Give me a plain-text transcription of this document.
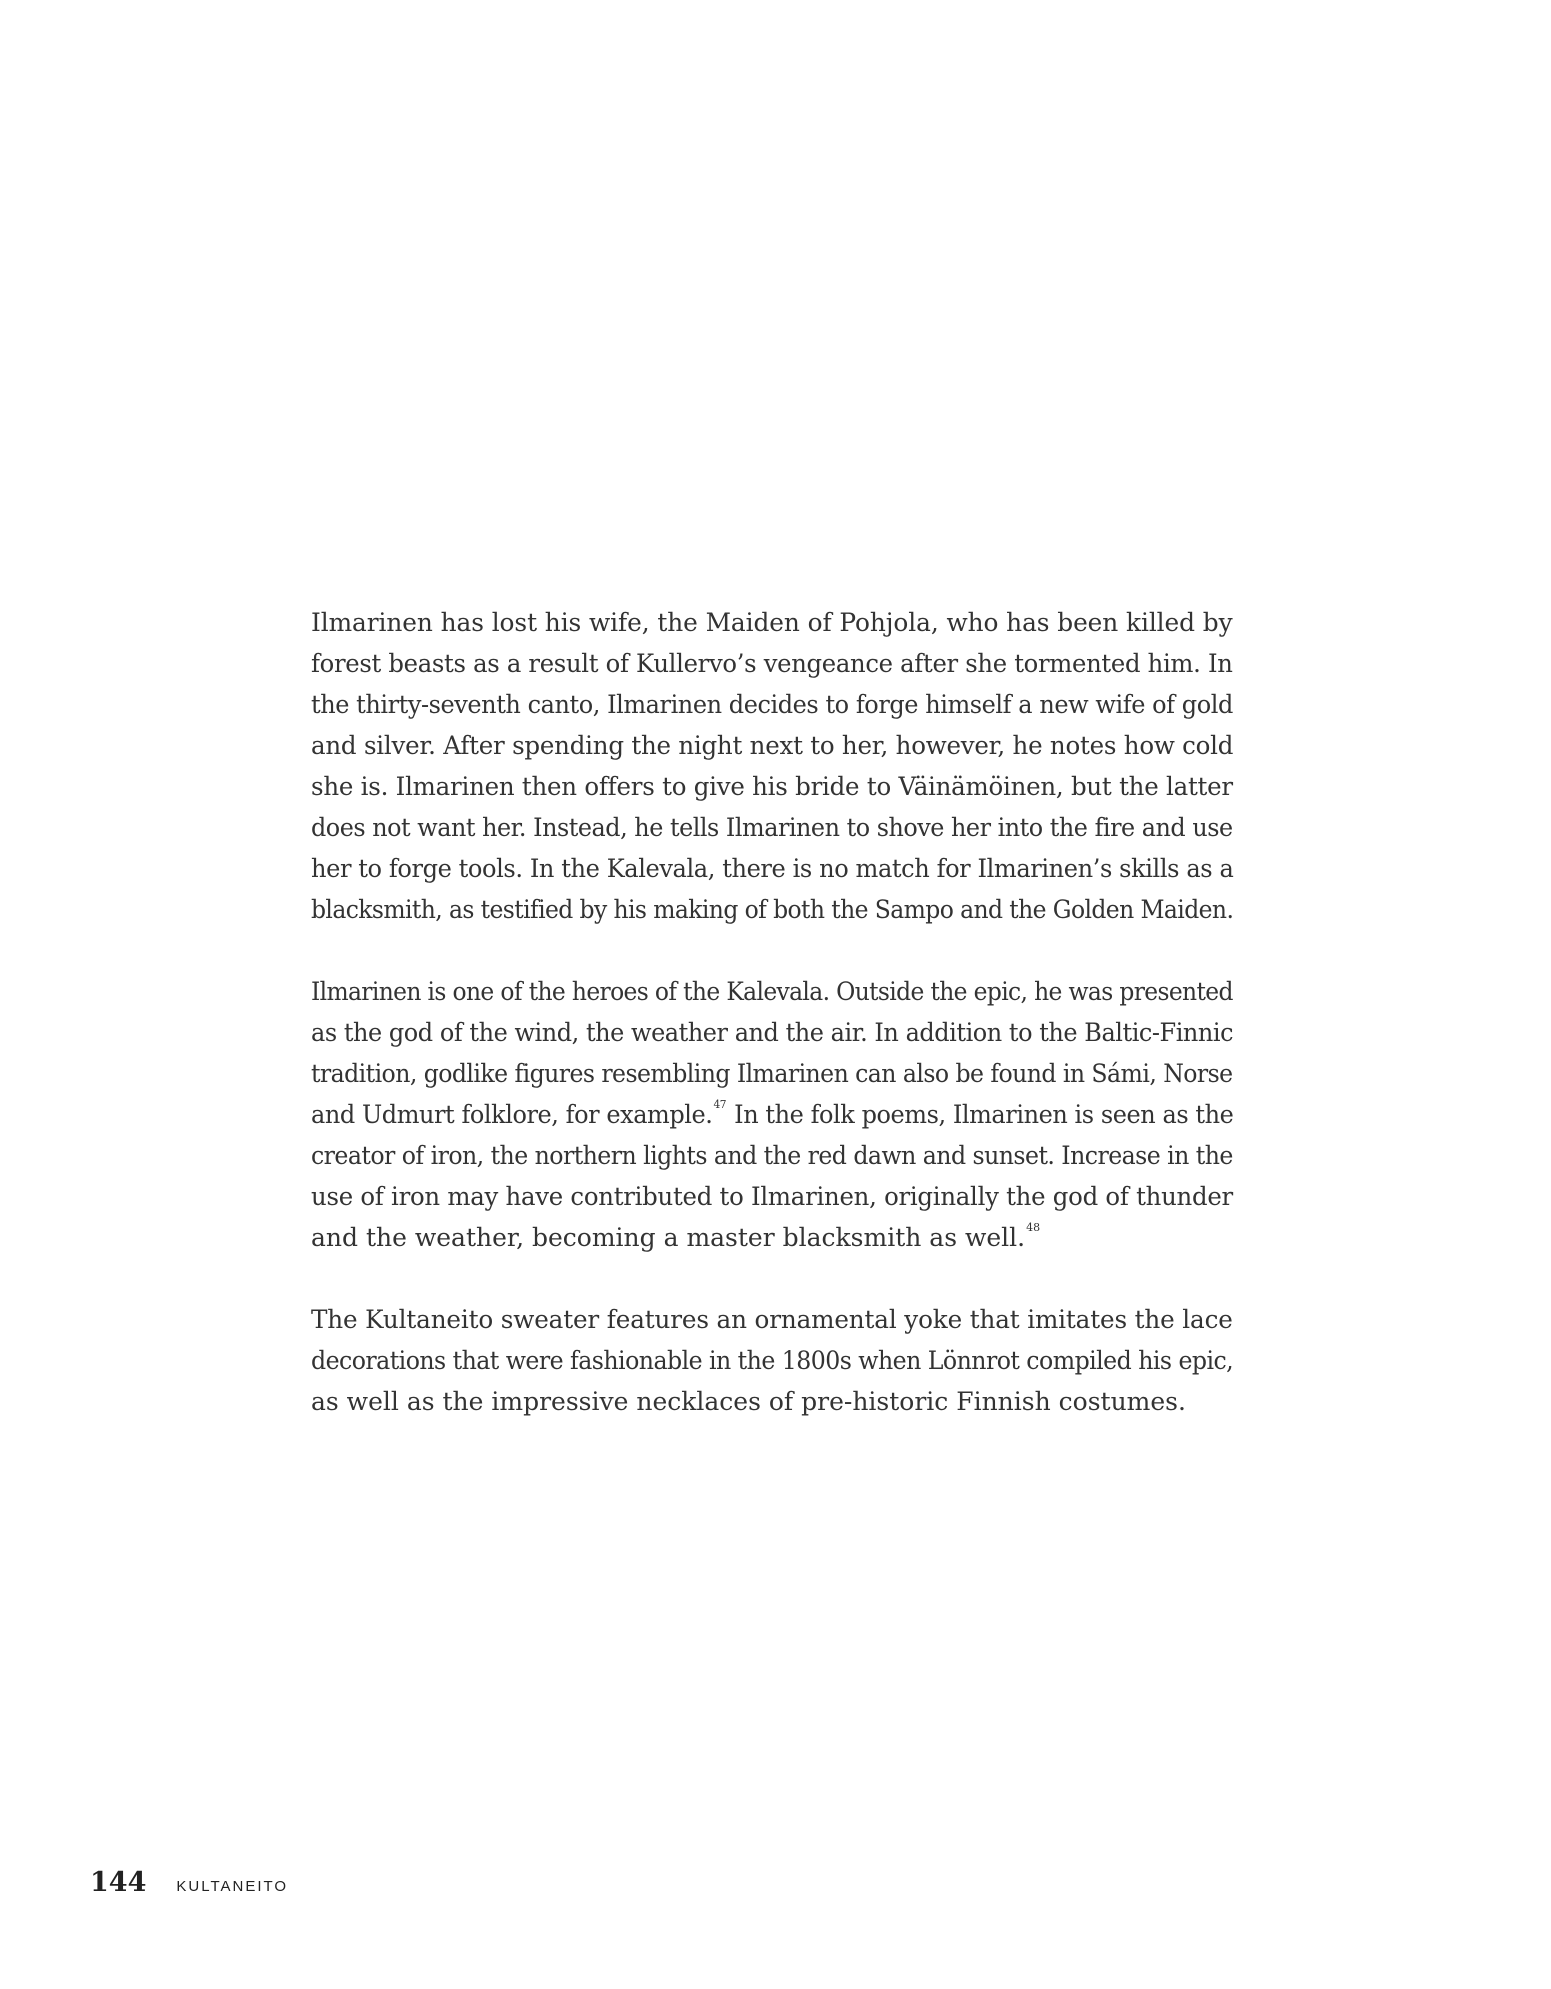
Ilmarinen has lost his wife, the Maiden of Pohjola, who has been killed by
forest beasts as a result of Kullervo’s vengeance after she tormented him. In
the thirty-seventh canto, Ilmarinen decides to forge himself a new wife of gold
and silver. After spending the night next to her, however, he notes how cold
she is. Ilmarinen then offers to give his bride to Väinämöinen, but the latter
does not want her. Instead, he tells Ilmarinen to shove her into the fire and use
her to forge tools. In the Kalevala, there is no match for Ilmarinen’s skills as a
blacksmith, as testified by his making of both the Sampo and the Golden Maiden.

Ilmarinen is one of the heroes of the Kalevala. Outside the epic, he was presented
as the god of the wind, the weather and the air. In addition to the Baltic-Finnic
tradition, godlike figures resembling Ilmarinen can also be found in Sámi, Norse
and Udmurt folklore, for example.$^{47}$ In the folk poems, Ilmarinen is seen as the
creator of iron, the northern lights and the red dawn and sunset. Increase in the
use of iron may have contributed to Ilmarinen, originally the god of thunder
and the weather, becoming a master blacksmith as well.$^{48}$

The Kultaneito sweater features an ornamental yoke that imitates the lace
decorations that were fashionable in the 1800s when Lönnrot compiled his epic,
as well as the impressive necklaces of pre-historic Finnish costumes.

144 KULTANEITO
